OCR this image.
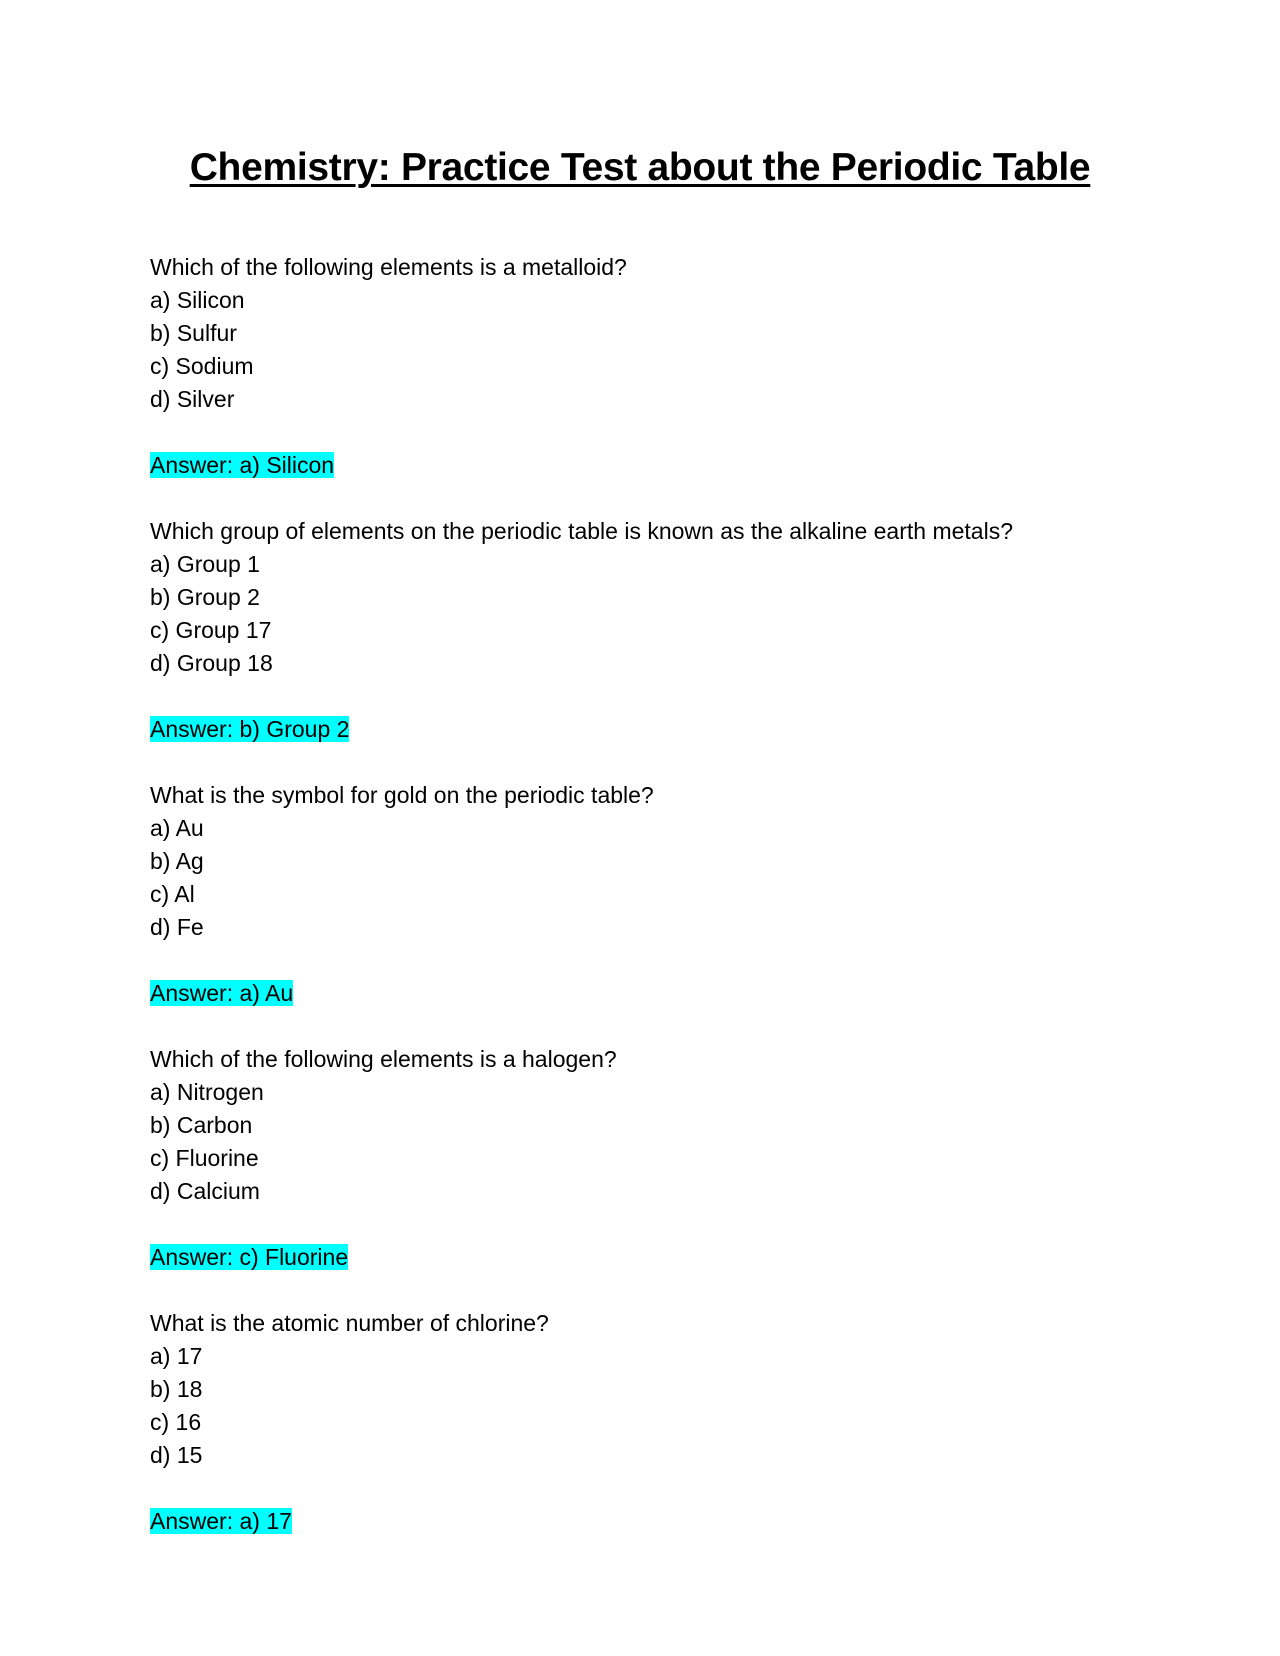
Chemistry: Practice Test about the Periodic Table
Which of the following elements is a metalloid?
a) Silicon
b) Sulfur
c) Sodium
d) Silver
Answer: a) Silicon
Which group of elements on the periodic table is known as the alkaline earth metals?
a) Group 1
b) Group 2
c) Group 17
d) Group 18
Answer: b) Group 2
What is the symbol for gold on the periodic table?
a) Au
b) Ag
c) Al
d) Fe
Answer: a) Au
Which of the following elements is a halogen?
a) Nitrogen
b) Carbon
c) Fluorine
d) Calcium
Answer: c) Fluorine
What is the atomic number of chlorine?
a) 17
b) 18
c) 16
d) 15
Answer: a) 17
